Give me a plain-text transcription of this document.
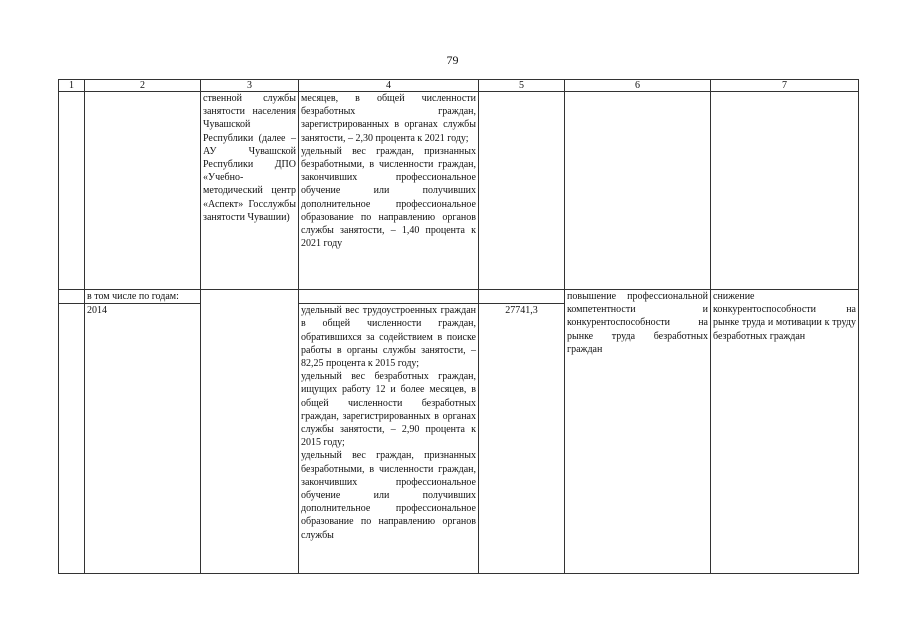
79
1	2	3	4	5	6	7
		ственной службы занятости населения Чувашской Республики (далее – АУ Чувашской Республики ДПО «Учебно-методический центр «Аспект» Госслужбы занятости Чувашии)	месяцев, в общей численности безработных граждан, зарегистрированных в органах службы занятости, – 2,30 процента к 2021 году;
удельный вес граждан, признанных безработными, в численности граждан, закончивших профессиональное обучение или получивших дополнительное профессиональное образование по направлению органов службы занятости, – 1,40 процента к 2021 году			
	в том числе по годам:				повышение профессиональной компетентности и конкурентоспособности на рынке труда безработных граждан	снижение конкурентоспособности на рынке труда и мотивации к труду безработных граждан
	2014		удельный вес трудоустроенных граждан в общей численности граждан, обратившихся за содействием в поиске работы в органы службы занятости, – 82,25 процента к 2015 году;
удельный вес безработных граждан, ищущих работу 12 и более месяцев, в общей численности безработных граждан, зарегистрированных в органах службы занятости, – 2,90 процента к 2015 году;
удельный вес граждан, признанных безработными, в численности граждан, закончивших профессиональное обучение или получивших дополнительное профессиональное образование по направлению органов службы	27741,3		
